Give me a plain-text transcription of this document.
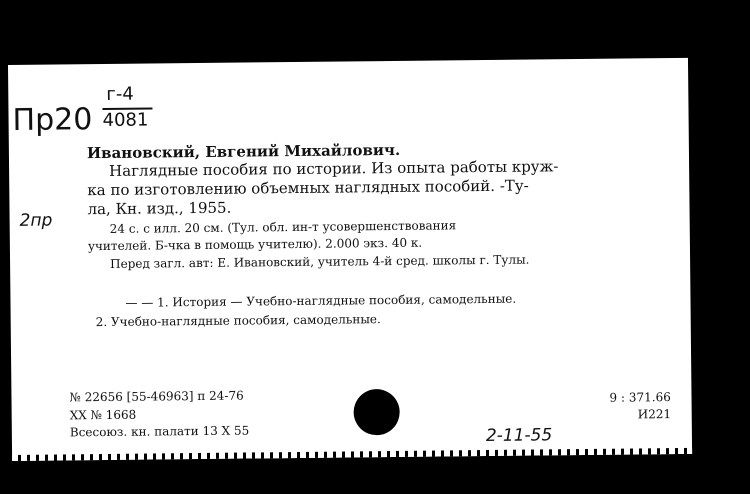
Пр20
г-4
4081
Ивановский, Евгений Михайлович.
Наглядные пособия по истории. Из опыта работы круж-
ка по изготовлению объемных наглядных пособий. -Ту-
ла, Кн. изд., 1955.
2пр	24 с. с илл. 20 см. (Тул. обл. ин-т усовершенствования
учителей. Б-чка в помощь учителю). 2.000 экз. 40 к.
Перед загл. авт: Е. Ивановский, учитель 4-й сред. школы г. Тулы.
— — 1. История — Учебно-наглядные пособия, самодельные.
2. Учебно-наглядные пособия, самодельные.
№ 22656 [55-46963] п 24-76
XX № 1668
Всесоюз. кн. палати 13 X 55
9 : 371.66
И221
2-11-55
